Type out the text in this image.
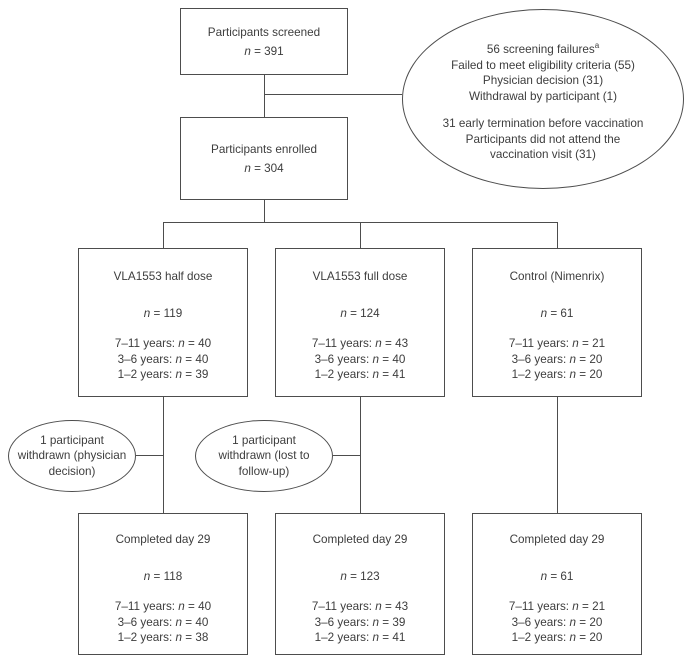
Participants screened
n = 391	56 screening failures$^a$
Failed to meet eligibility criteria (55)
Physician decision (31)
Withdrawal by participant (1)
31 early termination before vaccination
Participants did not attend the
vaccination visit (31)
Participants enrolled
n = 304
VLA1553 half dose
n = 119
7–11 years: n = 40
3–6 years: n = 40
1–2 years: n = 39
VLA1553 full dose
n = 124
7–11 years: n = 43
3–6 years: n = 40
1–2 years: n = 41
Control (Nimenrix)
n = 61
7–11 years: n = 21
3–6 years: n = 20
1–2 years: n = 20
1 participant
withdrawn (physician
decision)
1 participant
withdrawn (lost to
follow-up)
Completed day 29
n = 118
7–11 years: n = 40
3–6 years: n = 40
1–2 years: n = 38
Completed day 29
n = 123
7–11 years: n = 43
3–6 years: n = 39
1–2 years: n = 41
Completed day 29
n = 61
7–11 years: n = 21
3–6 years: n = 20
1–2 years: n = 20
